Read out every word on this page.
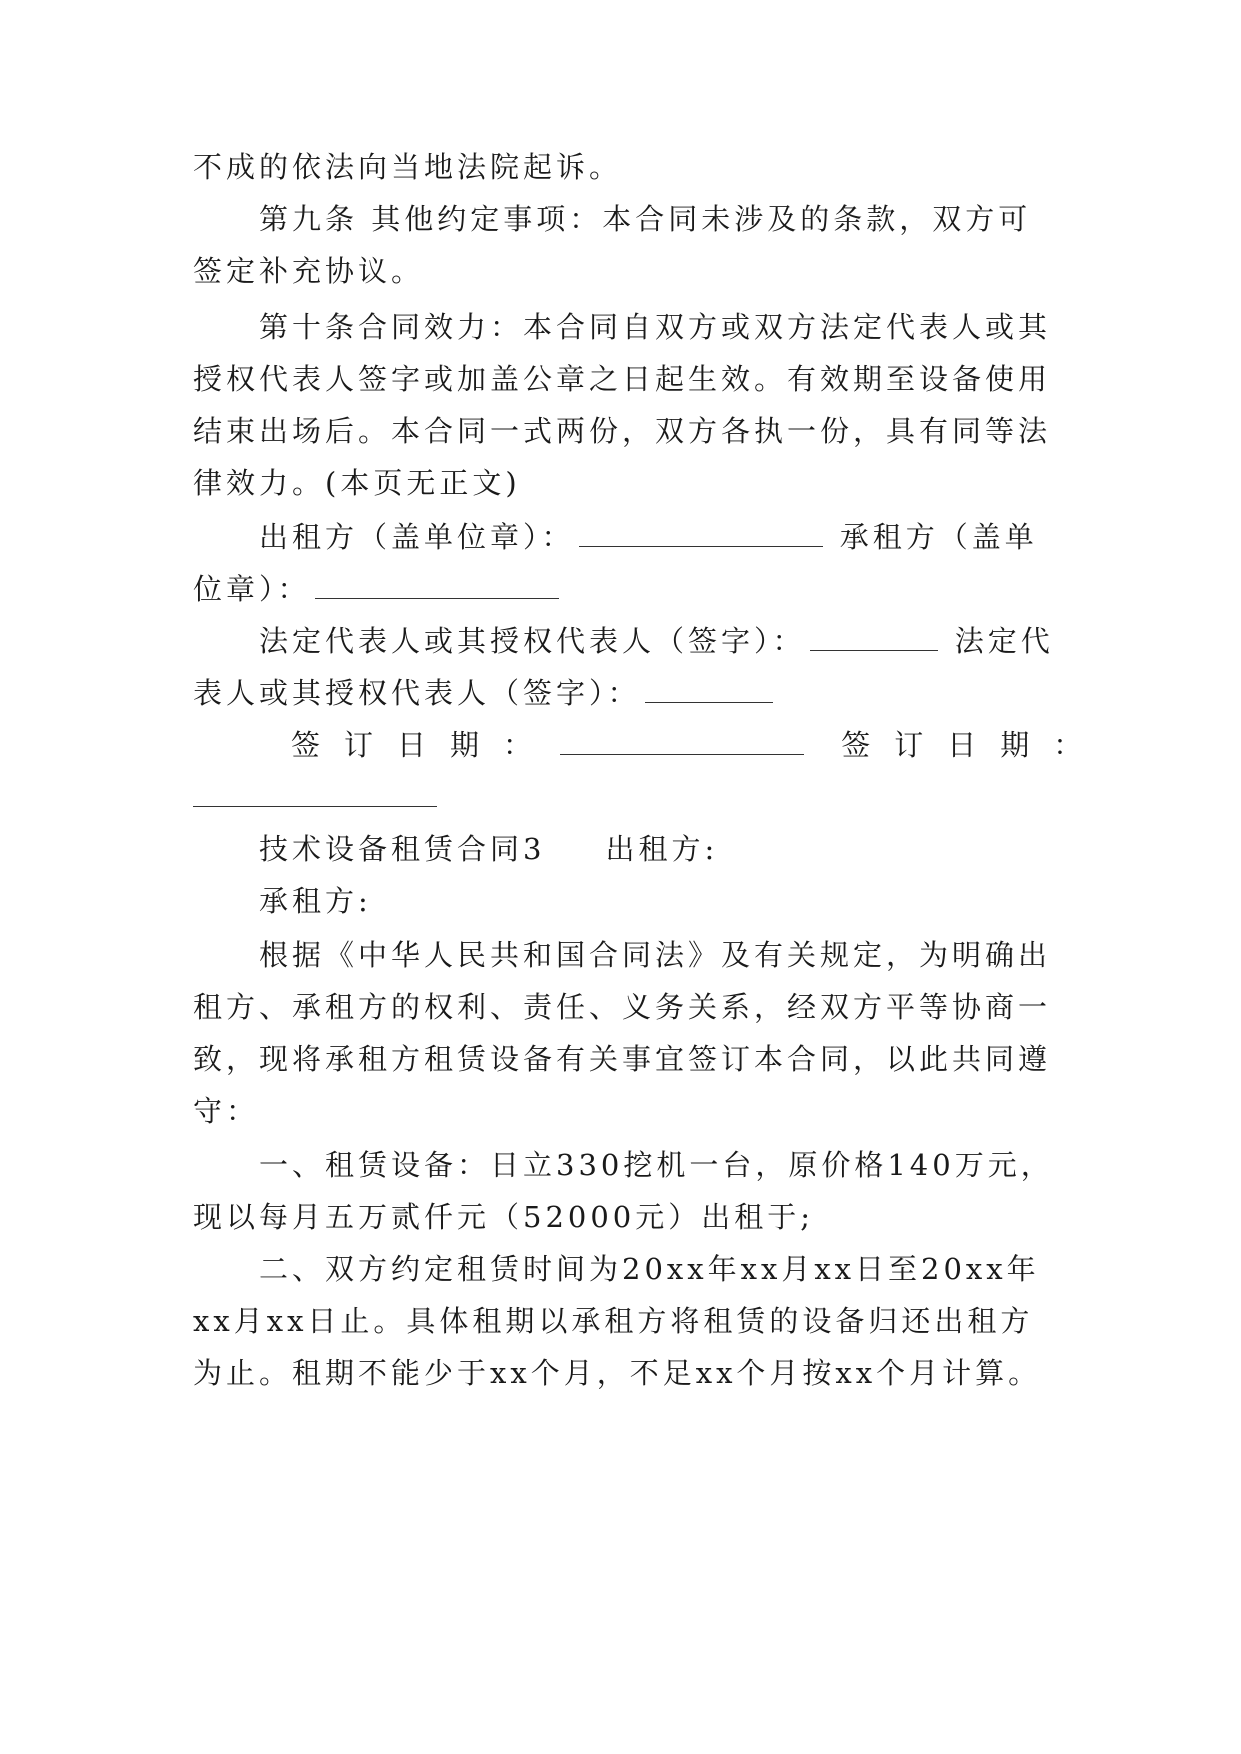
不成的依法向当地法院起诉。
第九条 其他约定事项：本合同未涉及的条款，双方可
签定补充协议。
第十条合同效力：本合同自双方或双方法定代表人或其
授权代表人签字或加盖公章之日起生效。有效期至设备使用
结束出场后。本合同一式两份，双方各执一份，具有同等法
律效力。(本页无正文)
出租方（盖单位章）：	承租方（盖单
位章）：
法定代表人或其授权代表人（签字）：	法定代
表人或其授权代表人（签字）：
签订日期：	签订日期：
技术设备租赁合同3 出租方:
承租方:
根据《中华人民共和国合同法》及有关规定，为明确出
租方、承租方的权利、责任、义务关系，经双方平等协商一
致，现将承租方租赁设备有关事宜签订本合同，以此共同遵
守：
一、租赁设备：日立330挖机一台，原价格140万元，
现以每月五万贰仟元（52000元）出租于;
二、双方约定租赁时间为20xx年xx月xx日至20xx年
xx月xx日止。具体租期以承租方将租赁的设备归还出租方
为止。租期不能少于xx个月，不足xx个月按xx个月计算。
